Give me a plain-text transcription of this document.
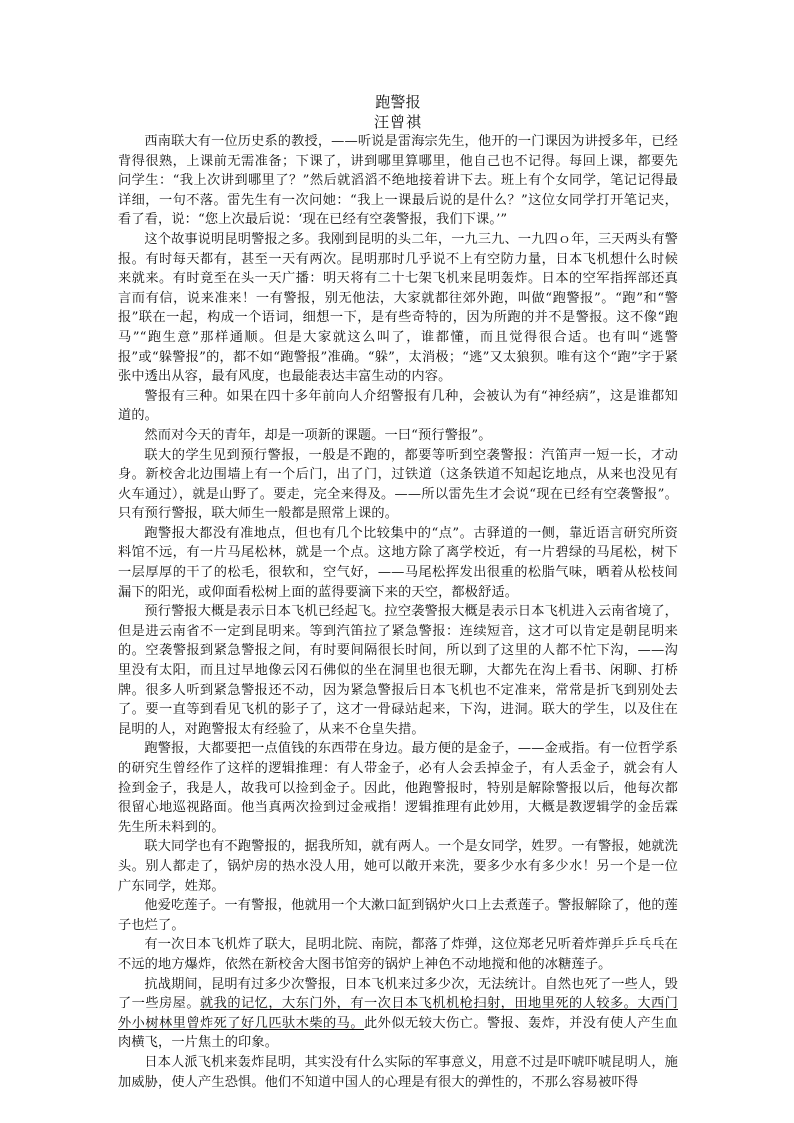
跑警报
汪曾祺

西南联大有一位历史系的教授，——听说是雷海宗先生，他开的一门课因为讲授多年，已经背得很熟，上课前无需准备；下课了，讲到哪里算哪里，他自己也不记得。每回上课，都要先问学生：“我上次讲到哪里了？”然后就滔滔不绝地接着讲下去。班上有个女同学，笔记记得最详细，一句不落。雷先生有一次问她：“我上一课最后说的是什么？”这位女同学打开笔记夹，看了看，说：“您上次最后说：‘现在已经有空袭警报，我们下课。’”

这个故事说明昆明警报之多。我刚到昆明的头二年，一九三九、一九四ｏ年，三天两头有警报。有时每天都有，甚至一天有两次。昆明那时几乎说不上有空防力量，日本飞机想什么时候来就来。有时竟至在头一天广播：明天将有二十七架飞机来昆明轰炸。日本的空军指挥部还真言而有信，说来准来！一有警报，别无他法，大家就都往郊外跑，叫做“跑警报”。“跑”和“警报”联在一起，构成一个语词，细想一下，是有些奇特的，因为所跑的并不是警报。这不像“跑马”“跑生意”那样通顺。但是大家就这么叫了，谁都懂，而且觉得很合适。也有叫“逃警报”或“躲警报”的，都不如“跑警报”准确。“躲”，太消极；“逃”又太狼狈。唯有这个“跑”字于紧张中透出从容，最有风度，也最能表达丰富生动的内容。

警报有三种。如果在四十多年前向人介绍警报有几种，会被认为有“神经病”，这是谁都知道的。

然而对今天的青年，却是一项新的课题。一曰“预行警报”。

联大的学生见到预行警报，一般是不跑的，都要等听到空袭警报：汽笛声一短一长，才动身。新校舍北边围墙上有一个后门，出了门，过铁道（这条铁道不知起讫地点，从来也没见有火车通过），就是山野了。要走，完全来得及。——所以雷先生才会说“现在已经有空袭警报”。只有预行警报，联大师生一般都是照常上课的。

跑警报大都没有准地点，但也有几个比较集中的“点”。古驿道的一侧，靠近语言研究所资料馆不远，有一片马尾松林，就是一个点。这地方除了离学校近，有一片碧绿的马尾松，树下一层厚厚的干了的松毛，很软和，空气好，——马尾松挥发出很重的松脂气味，晒着从松枝间漏下的阳光，或仰面看松树上面的蓝得要滴下来的天空，都极舒适。

预行警报大概是表示日本飞机已经起飞。拉空袭警报大概是表示日本飞机进入云南省境了，但是进云南省不一定到昆明来。等到汽笛拉了紧急警报：连续短音，这才可以肯定是朝昆明来的。空袭警报到紧急警报之间，有时要间隔很长时间，所以到了这里的人都不忙下沟，——沟里没有太阳，而且过早地像云冈石佛似的坐在洞里也很无聊，大都先在沟上看书、闲聊、打桥牌。很多人听到紧急警报还不动，因为紧急警报后日本飞机也不定准来，常常是折飞到别处去了。要一直等到看见飞机的影子了，这才一骨碌站起来，下沟，进洞。联大的学生，以及住在昆明的人，对跑警报太有经验了，从来不仓皇失措。

跑警报，大都要把一点值钱的东西带在身边。最方便的是金子，——金戒指。有一位哲学系的研究生曾经作了这样的逻辑推理：有人带金子，必有人会丢掉金子，有人丢金子，就会有人捡到金子，我是人，故我可以捡到金子。因此，他跑警报时，特别是解除警报以后，他每次都很留心地巡视路面。他当真两次捡到过金戒指！逻辑推理有此妙用，大概是教逻辑学的金岳霖先生所未料到的。

联大同学也有不跑警报的，据我所知，就有两人。一个是女同学，姓罗。一有警报，她就洗头。别人都走了，锅炉房的热水没人用，她可以敞开来洗，要多少水有多少水！另一个是一位广东同学，姓郑。

他爱吃莲子。一有警报，他就用一个大漱口缸到锅炉火口上去煮莲子。警报解除了，他的莲子也烂了。

有一次日本飞机炸了联大，昆明北院、南院，都落了炸弹，这位郑老兄听着炸弹乒乒乓乓在不远的地方爆炸，依然在新校舍大图书馆旁的锅炉上神色不动地搅和他的冰糖莲子。

抗战期间，昆明有过多少次警报，日本飞机来过多少次，无法统计。自然也死了一些人，毁了一些房屋。就我的记忆，大东门外，有一次日本飞机机枪扫射，田地里死的人较多。大西门外小树林里曾炸死了好几匹驮木柴的马。此外似无较大伤亡。警报、轰炸，并没有使人产生血肉横飞，一片焦土的印象。

日本人派飞机来轰炸昆明，其实没有什么实际的军事意义，用意不过是吓唬吓唬昆明人，施加威胁，使人产生恐惧。他们不知道中国人的心理是有很大的弹性的，不那么容易被吓得
